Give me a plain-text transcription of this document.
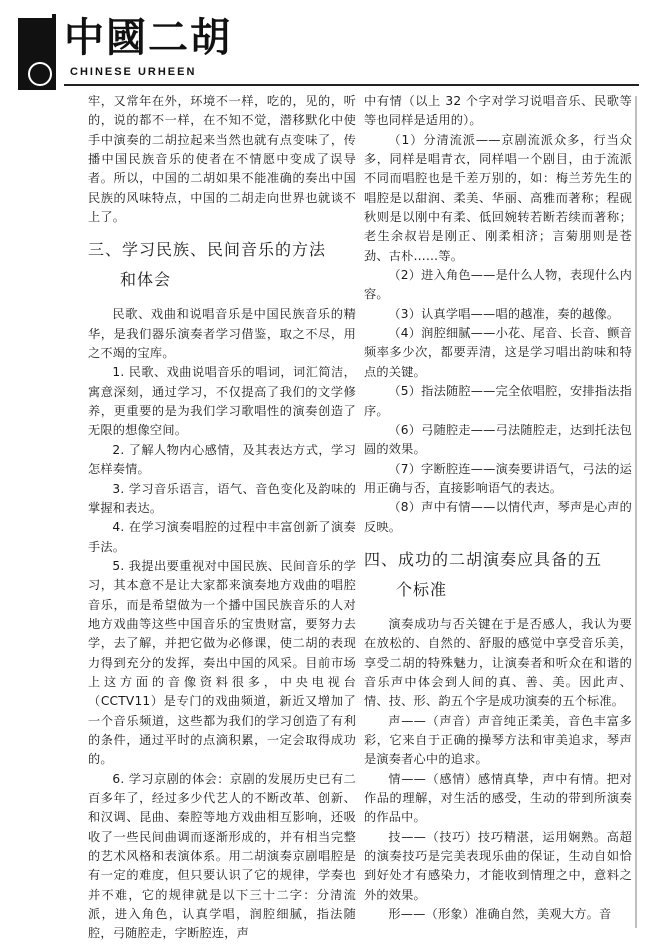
中國二胡
CHINESE URHEEN

牢，又常年在外，环境不一样，吃的，见的，听的，说的都不一样，在不知不觉，潜移默化中使手中演奏的二胡拉起来当然也就有点变味了，传播中国民族音乐的使者在不情愿中变成了误导者。所以，中国的二胡如果不能准确的奏出中国民族的风味特点，中国的二胡走向世界也就谈不上了。

三、学习民族、民间音乐的方法
和体会

民歌、戏曲和说唱音乐是中国民族音乐的精华，是我们器乐演奏者学习借鉴，取之不尽，用之不竭的宝库。

1. 民歌、戏曲说唱音乐的唱词，词汇简洁，寓意深刻，通过学习，不仅提高了我们的文学修养，更重要的是为我们学习歌唱性的演奏创造了无限的想像空间。

2. 了解人物内心感情，及其表达方式，学习怎样奏情。

3. 学习音乐语言，语气、音色变化及韵味的掌握和表达。

4. 在学习演奏唱腔的过程中丰富创新了演奏手法。

5. 我提出要重视对中国民族、民间音乐的学习，其本意不是让大家都来演奏地方戏曲的唱腔音乐，而是希望做为一个播中国民族音乐的人对地方戏曲等这些中国音乐的宝贵财富，要努力去学，去了解，并把它做为必修课，使二胡的表现力得到充分的发挥，奏出中国的风采。目前市场上这方面的音像资料很多，中央电视台（CCTV11）是专门的戏曲频道，新近又增加了一个音乐频道，这些都为我们的学习创造了有利的条件，通过平时的点滴积累，一定会取得成功的。

6. 学习京剧的体会：京剧的发展历史已有二百多年了，经过多少代艺人的不断改革、创新、和汉调、昆曲、秦腔等地方戏曲相互影响，还吸收了一些民间曲调而逐渐形成的，并有相当完整的艺术风格和表演体系。用二胡演奏京剧唱腔是有一定的难度，但只要认识了它的规律，学奏也并不难，它的规律就是以下三十二字：分清流派，进入角色，认真学唱，润腔细腻，指法随腔，弓随腔走，字断腔连，声

中有情（以上 32 个字对学习说唱音乐、民歌等等也同样是适用的）。

（1）分清流派——京剧流派众多，行当众多，同样是唱青衣，同样唱一个剧目，由于流派不同而唱腔也是千差万别的，如：梅兰芳先生的唱腔是以甜润、柔美、华丽、高雅而著称；程砚秋则是以刚中有柔、低回婉转若断若续而著称；老生余叔岩是刚正、刚柔相济；言菊朋则是苍劲、古朴……等。

（2）进入角色——是什么人物，表现什么内容。

（3）认真学唱——唱的越准，奏的越像。

（4）润腔细腻——小花、尾音、长音、颤音频率多少次，都要弄清，这是学习唱出韵味和特点的关键。

（5）指法随腔——完全依唱腔，安排指法指序。

（6）弓随腔走——弓法随腔走，达到托法包圆的效果。

（7）字断腔连——演奏要讲语气，弓法的运用正确与否，直接影响语气的表达。

（8）声中有情——以情代声，琴声是心声的反映。

四、成功的二胡演奏应具备的五
个标准

演奏成功与否关键在于是否感人，我认为要在放松的、自然的、舒服的感觉中享受音乐美，享受二胡的特殊魅力，让演奏者和听众在和谐的音乐声中体会到人间的真、善、美。因此声、情、技、形、韵五个字是成功演奏的五个标准。

声——（声音）声音纯正柔美，音色丰富多彩，它来自于正确的操琴方法和审美追求，琴声是演奏者心中的追求。

情——（感情）感情真挚，声中有情。把对作品的理解，对生活的感受，生动的带到所演奏的作品中。

技——（技巧）技巧精湛，运用娴熟。高超的演奏技巧是完美表现乐曲的保证，生动自如恰到好处才有感染力，才能收到情理之中，意料之外的效果。

形——（形象）准确自然，美观大方。音
